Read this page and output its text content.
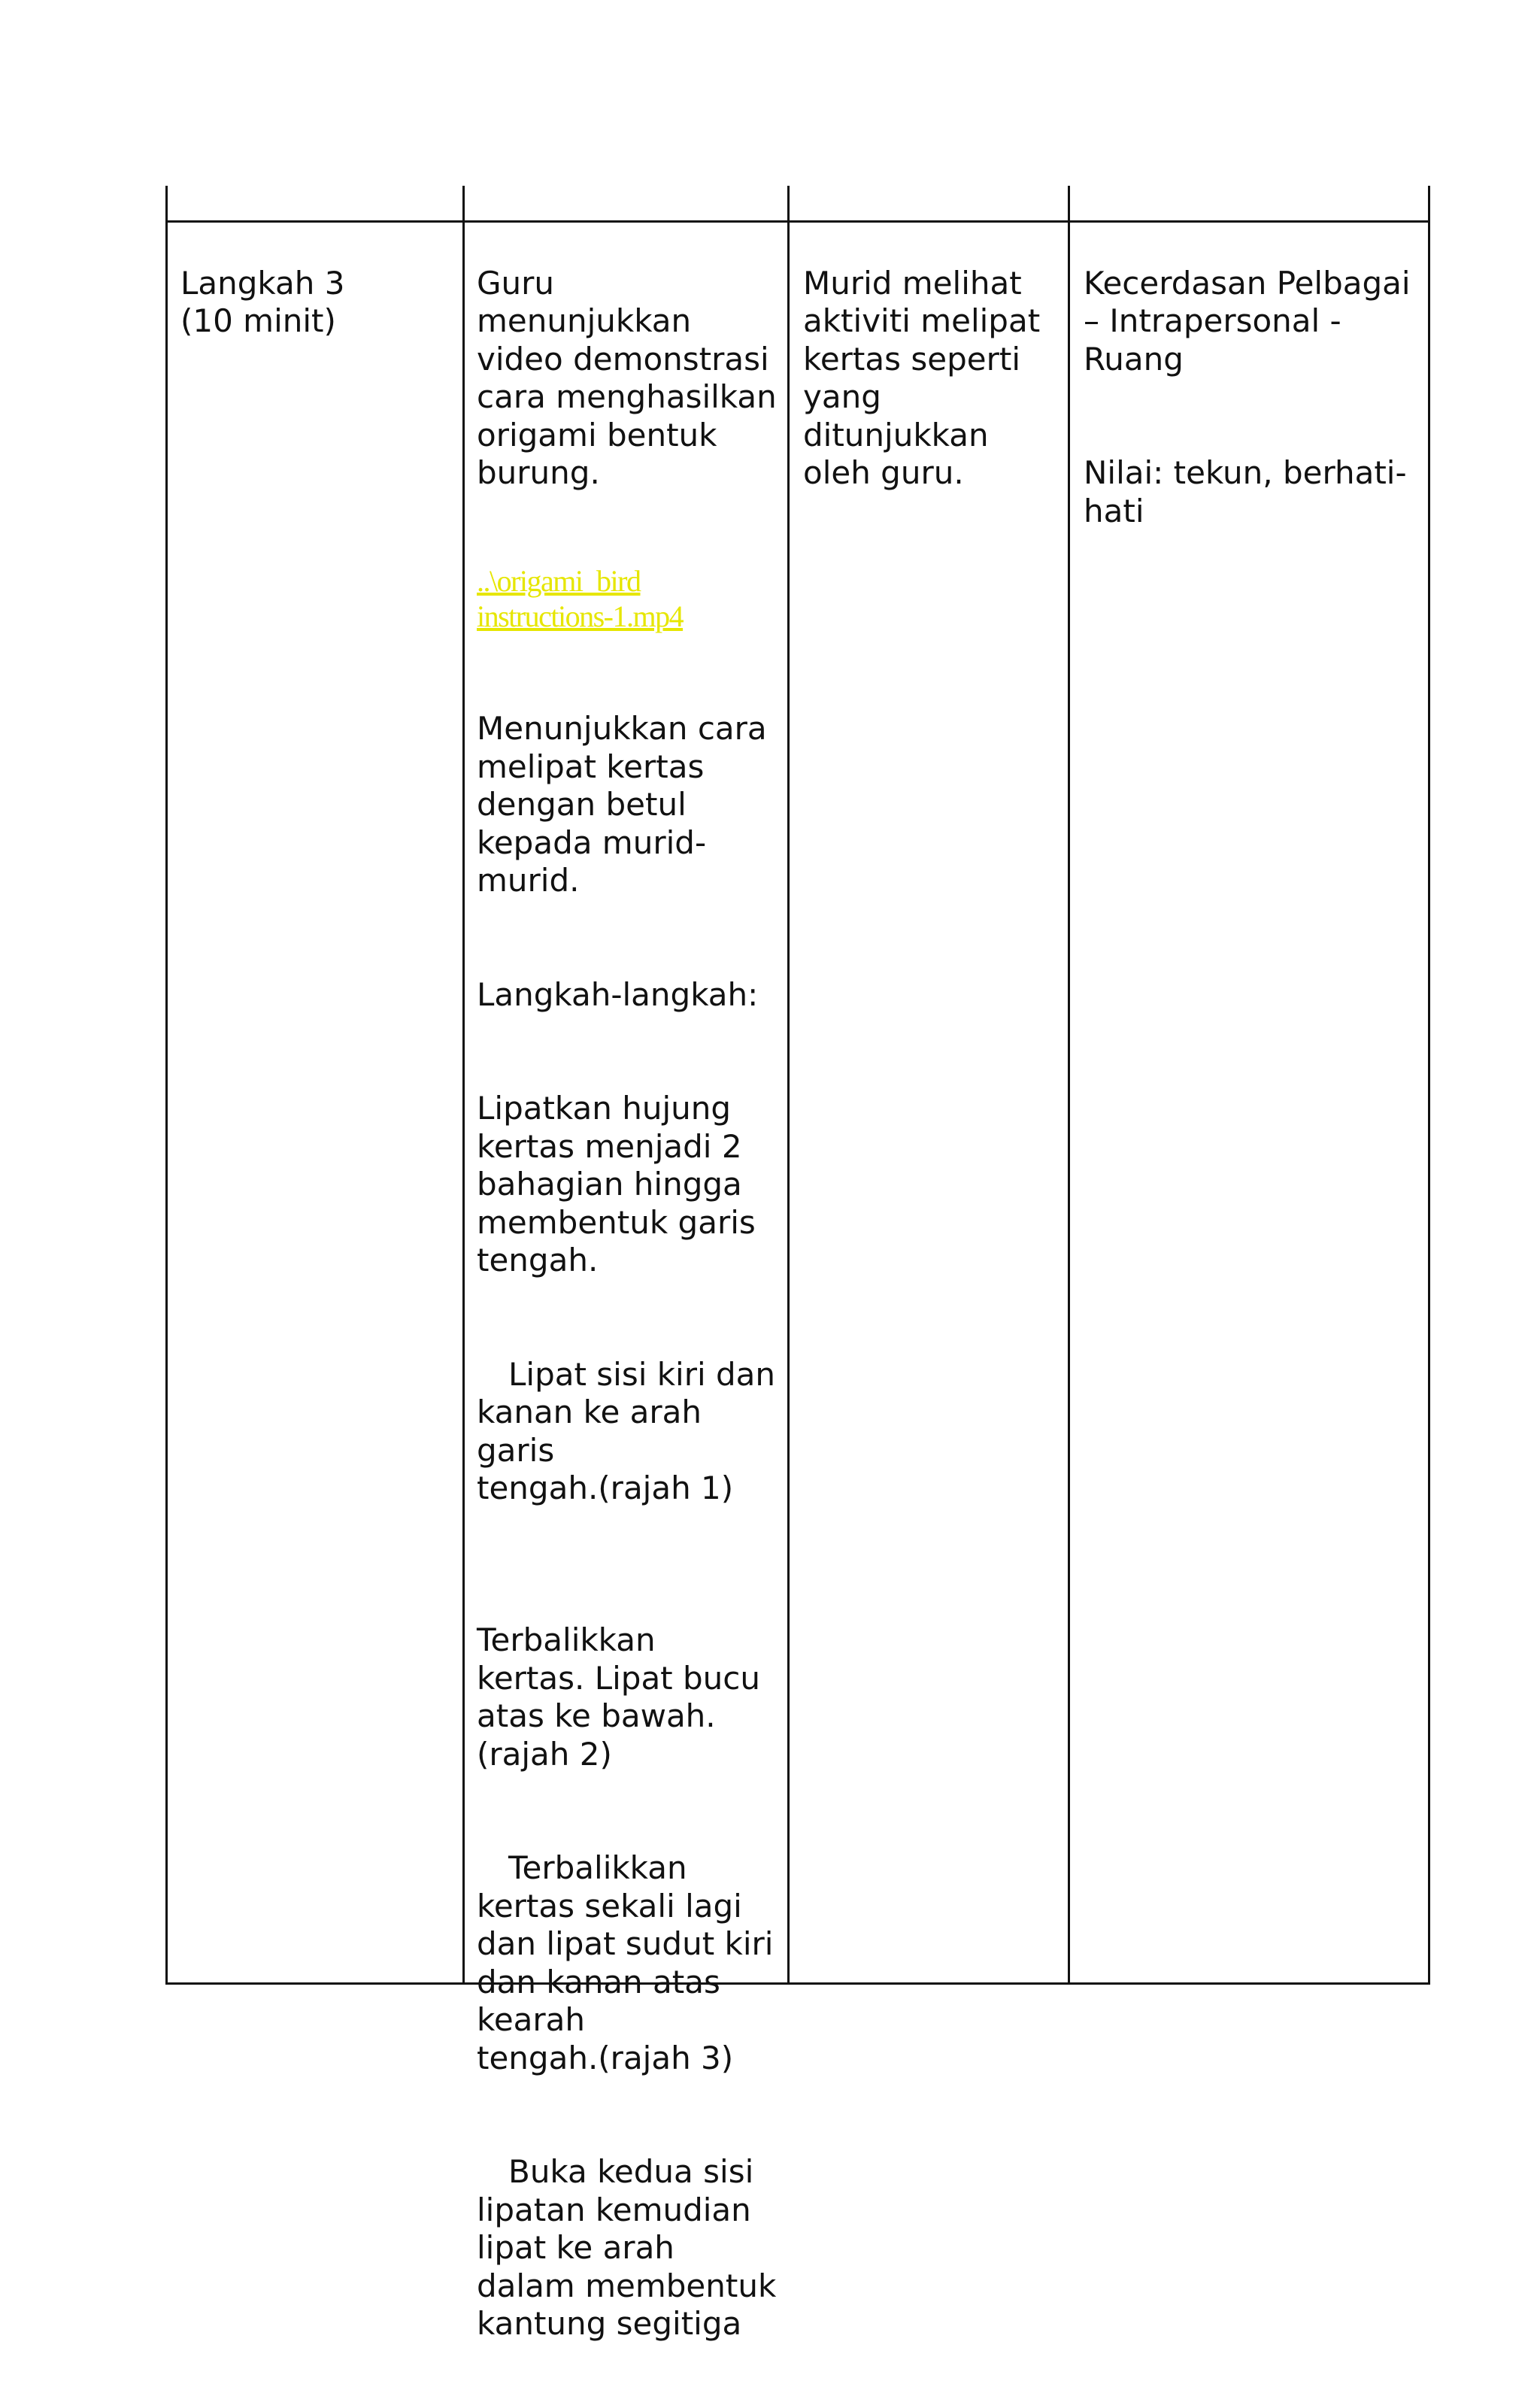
Langkah 3
(10 minit)

Guru
menunjukkan
video demonstrasi
cara menghasilkan
origami bentuk
burung.

..\origami_bird
instructions-1.mp4

Menunjukkan cara
melipat kertas
dengan betul
kepada murid-
murid.

Langkah-langkah:

Lipatkan hujung
kertas menjadi 2
bahagian hingga
membentuk garis
tengah.

Lipat sisi kiri dan
kanan ke arah
garis
tengah.(rajah 1)

Terbalikkan
kertas. Lipat bucu
atas ke bawah.
(rajah 2)

Terbalikkan
kertas sekali lagi
dan lipat sudut kiri
dan kanan atas
kearah
tengah.(rajah 3)

Buka kedua sisi
lipatan kemudian
lipat ke arah
dalam membentuk
kantung segitiga

Murid melihat
aktiviti melipat
kertas seperti
yang
ditunjukkan
oleh guru.

Kecerdasan Pelbagai
– Intrapersonal -
Ruang

Nilai: tekun, berhati-
hati
